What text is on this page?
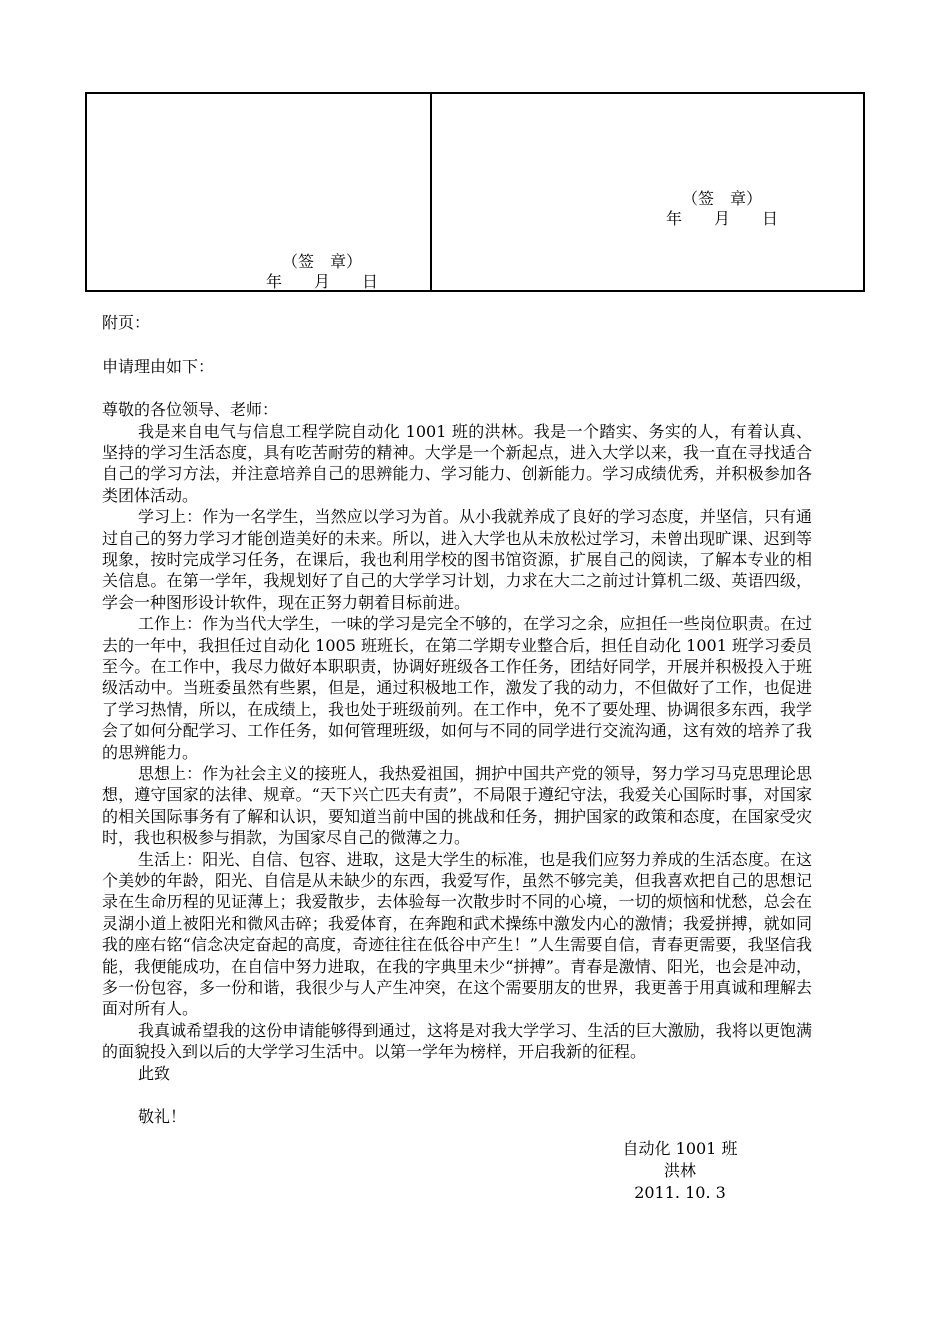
（签　章）
年　　月　　日
（签　章）
年　　月　　日

附页：

申请理由如下：

尊敬的各位领导、老师：

我是来自电气与信息工程学院自动化 1001 班的洪林。我是一个踏实、务实的人，有着认真、坚持的学习生活态度，具有吃苦耐劳的精神。大学是一个新起点，进入大学以来，我一直在寻找适合自己的学习方法，并注意培养自己的思辨能力、学习能力、创新能力。学习成绩优秀，并积极参加各类团体活动。

学习上：作为一名学生，当然应以学习为首。从小我就养成了良好的学习态度，并坚信，只有通过自己的努力学习才能创造美好的未来。所以，进入大学也从未放松过学习，未曾出现旷课、迟到等现象，按时完成学习任务，在课后，我也利用学校的图书馆资源，扩展自己的阅读，了解本专业的相关信息。在第一学年，我规划好了自己的大学学习计划，力求在大二之前过计算机二级、英语四级，学会一种图形设计软件，现在正努力朝着目标前进。

工作上：作为当代大学生，一味的学习是完全不够的，在学习之余，应担任一些岗位职责。在过去的一年中，我担任过自动化 1005 班班长，在第二学期专业整合后，担任自动化 1001 班学习委员至今。在工作中，我尽力做好本职职责，协调好班级各工作任务，团结好同学，开展并积极投入于班级活动中。当班委虽然有些累，但是，通过积极地工作，激发了我的动力，不但做好了工作，也促进了学习热情，所以，在成绩上，我也处于班级前列。在工作中，免不了要处理、协调很多东西，我学会了如何分配学习、工作任务，如何管理班级，如何与不同的同学进行交流沟通，这有效的培养了我的思辨能力。

思想上：作为社会主义的接班人，我热爱祖国，拥护中国共产党的领导，努力学习马克思理论思想，遵守国家的法律、规章。“天下兴亡匹夫有责”，不局限于遵纪守法，我爱关心国际时事，对国家的相关国际事务有了解和认识，要知道当前中国的挑战和任务，拥护国家的政策和态度，在国家受灾时，我也积极参与捐款，为国家尽自己的微薄之力。

生活上：阳光、自信、包容、进取，这是大学生的标准，也是我们应努力养成的生活态度。在这个美妙的年龄，阳光、自信是从未缺少的东西，我爱写作，虽然不够完美，但我喜欢把自己的思想记录在生命历程的见证薄上；我爱散步，去体验每一次散步时不同的心境，一切的烦恼和忧愁，总会在灵湖小道上被阳光和微风击碎；我爱体育，在奔跑和武术操练中激发内心的激情；我爱拼搏，就如同我的座右铭“信念决定奋起的高度，奇迹往往在低谷中产生！”人生需要自信，青春更需要，我坚信我能，我便能成功，在自信中努力进取，在我的字典里未少“拼搏”。青春是激情、阳光，也会是冲动，多一份包容，多一份和谐，我很少与人产生冲突，在这个需要朋友的世界，我更善于用真诚和理解去面对所有人。

我真诚希望我的这份申请能够得到通过，这将是对我大学学习、生活的巨大激励，我将以更饱满的面貌投入到以后的大学学习生活中。以第一学年为榜样，开启我新的征程。

此致

敬礼！

自动化 1001 班
洪林
2011. 10. 3
